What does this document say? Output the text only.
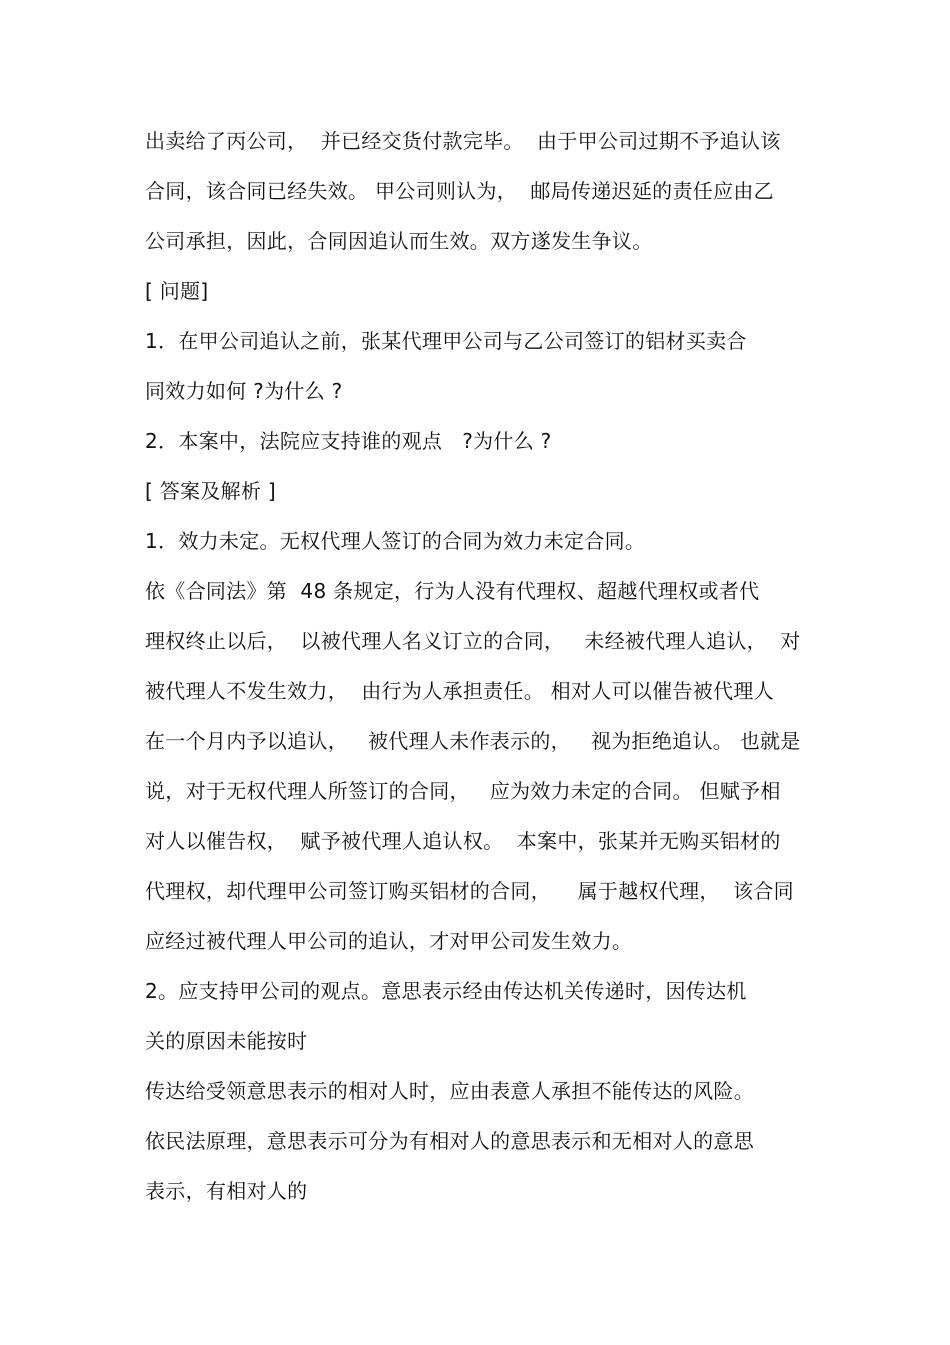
出卖给了丙公司，  并已经交货付款完毕。  由于甲公司过期不予追认该
合同，该合同已经失效。 甲公司则认为，  邮局传递迟延的责任应由乙
公司承担，因此，合同因追认而生效。双方遂发生争议。
[ 问题]
1．在甲公司追认之前，张某代理甲公司与乙公司签订的铝材买卖合
同效力如何 ?为什么 ?
2．本案中，法院应支持谁的观点   ?为什么 ?
[ 答案及解析 ]
1．效力未定。无权代理人签订的合同为效力未定合同。
依《合同法》第  48 条规定，行为人没有代理权、超越代理权或者代
理权终止以后，  以被代理人名义订立的合同，   未经被代理人追认，  对
被代理人不发生效力，  由行为人承担责任。 相对人可以催告被代理人
在一个月内予以追认，   被代理人未作表示的，   视为拒绝追认。 也就是
说，对于无权代理人所签订的合同，   应为效力未定的合同。 但赋予相
对人以催告权，  赋予被代理人追认权。  本案中，张某并无购买铝材的
代理权，却代理甲公司签订购买铝材的合同，    属于越权代理，  该合同
应经过被代理人甲公司的追认，才对甲公司发生效力。
2。应支持甲公司的观点。意思表示经由传达机关传递时，因传达机
关的原因未能按时
传达给受领意思表示的相对人时，应由表意人承担不能传达的风险。
依民法原理，意思表示可分为有相对人的意思表示和无相对人的意思
表示，有相对人的
